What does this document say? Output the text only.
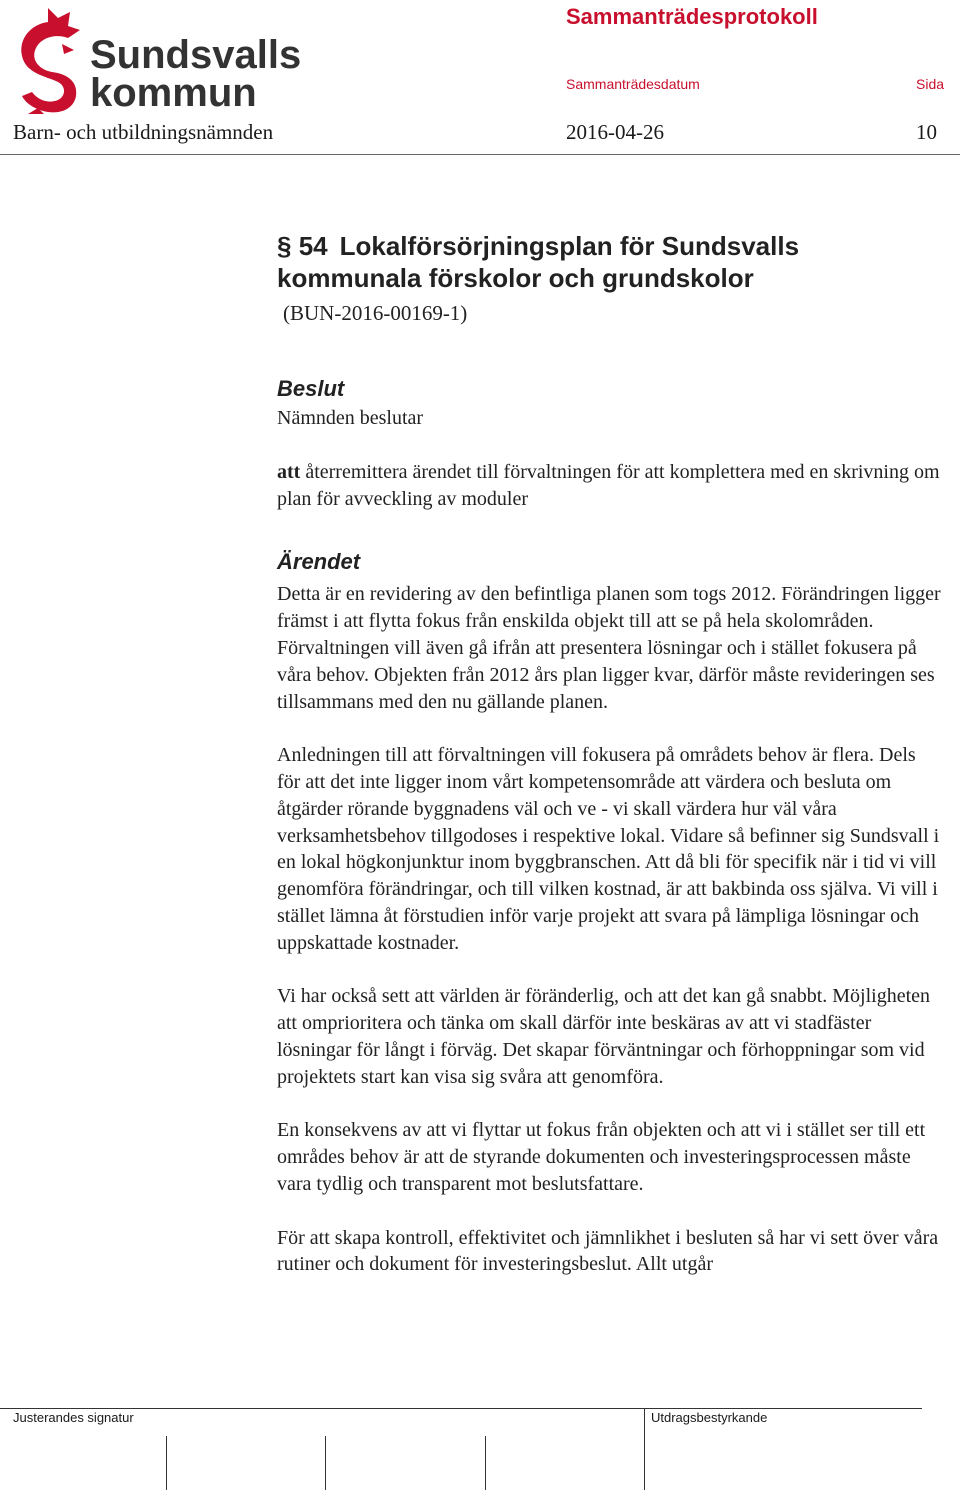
Sundsvalls
kommun
Sammanträdesprotokoll
Sammanträdesdatum	Sida
Barn- och utbildningsnämnden	2016-04-26	10
§ 54 Lokalförsörjningsplan för Sundsvalls
kommunala förskolor och grundskolor
(BUN-2016-00169-1)
Beslut

Nämnden beslutar

att återremittera ärendet till förvaltningen för att komplettera med en skrivning om plan för avveckling av moduler

Ärendet

Detta är en revidering av den befintliga planen som togs 2012. Förändringen ligger främst i att flytta fokus från enskilda objekt till att se på hela skolområden. Förvaltningen vill även gå ifrån att presentera lösningar och i stället fokusera på våra behov. Objekten från 2012 års plan ligger kvar, därför måste revideringen ses tillsammans med den nu gällande planen.

Anledningen till att förvaltningen vill fokusera på områdets behov är flera. Dels för att det inte ligger inom vårt kompetensområde att värdera och besluta om åtgärder rörande byggnadens väl och ve - vi skall värdera hur väl våra verksamhetsbehov tillgodoses i respektive lokal. Vidare så befinner sig Sundsvall i en lokal högkonjunktur inom byggbranschen. Att då bli för specifik när i tid vi vill genomföra förändringar, och till vilken kostnad, är att bakbinda oss själva. Vi vill i stället lämna åt förstudien inför varje projekt att svara på lämpliga lösningar och uppskattade kostnader.

Vi har också sett att världen är föränderlig, och att det kan gå snabbt. Möjligheten att omprioritera och tänka om skall därför inte beskäras av att vi stadfäster lösningar för långt i förväg. Det skapar förväntningar och förhoppningar som vid projektets start kan visa sig svåra att genomföra.

En konsekvens av att vi flyttar ut fokus från objekten och att vi i stället ser till ett områdes behov är att de styrande dokumenten och investeringsprocessen måste vara tydlig och transparent mot beslutsfattare.

För att skapa kontroll, effektivitet och jämnlikhet i besluten så har vi sett över våra rutiner och dokument för investeringsbeslut. Allt utgår

Justerandes signatur	Utdragsbestyrkande
